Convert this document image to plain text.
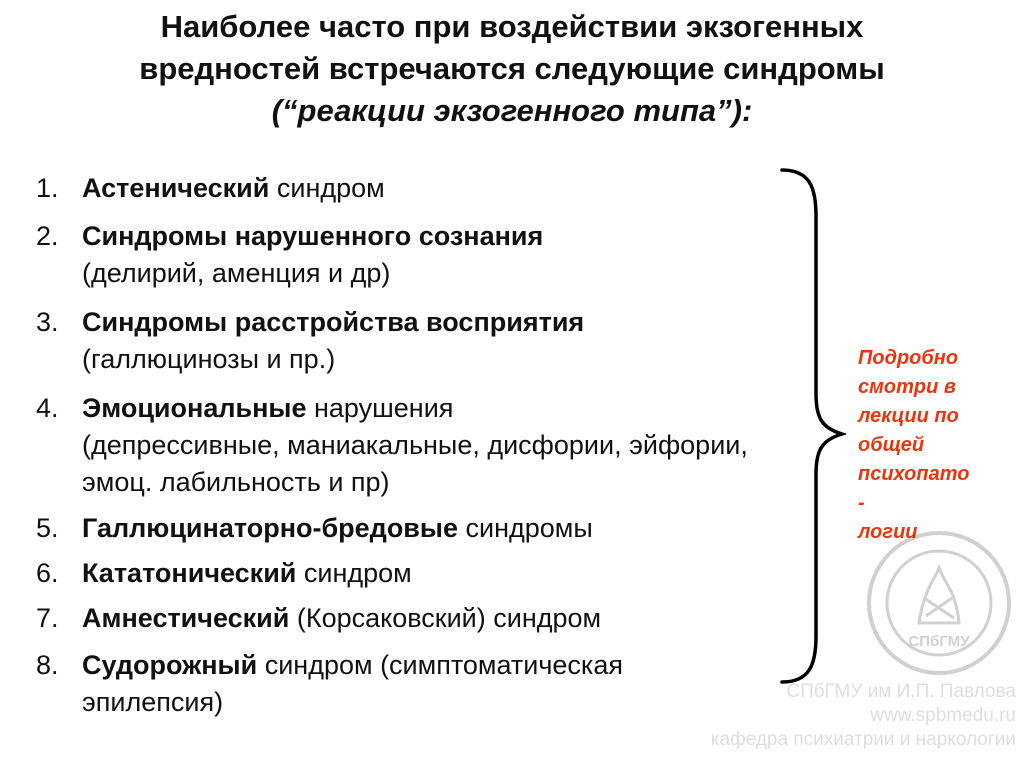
Наиболее часто при воздействии экзогенных
вредностей встречаются следующие синдромы
(“реакции экзогенного типа”):
1. Астенический синдром
2. Синдромы нарушенного сознания
(делирий, аменция и др)
3. Синдромы расстройства восприятия
(галлюцинозы и пр.)
4. Эмоциональные нарушения
(депрессивные, маниакальные, дисфории, эйфории, эмоц. лабильность и пр)
5. Галлюцинаторно-бредовые синдромы
6. Кататонический синдром
7. Амнестический (Корсаковский) синдром
8. Судорожный синдром (симптоматическая
эпилепсия)
Подробно
смотри в
лекции по
общей
психопато
-
логии
СПбГМУ
СПбГМУ им И.П. Павлова
www.spbmedu.ru
кафедра психиатрии и наркологии
